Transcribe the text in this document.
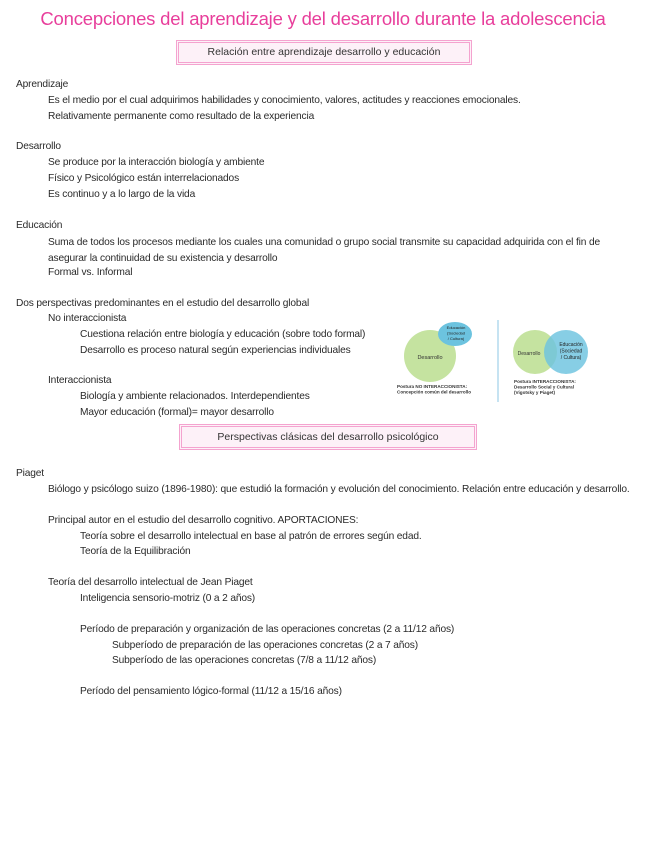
Concepciones del aprendizaje y del desarrollo durante la adolescencia
Relación entre aprendizaje desarrollo y educación
Aprendizaje
Es el medio por el cual adquirimos habilidades y conocimiento, valores, actitudes y reacciones emocionales.
Relativamente permanente como resultado de la experiencia
Desarrollo
Se produce por la interacción biología y ambiente
Físico y Psicológico están interrelacionados
Es continuo y a lo largo de la vida
Educación
Suma de todos los procesos mediante los cuales una comunidad o grupo social transmite su capacidad adquirida con el fin de asegurar la continuidad de su existencia y desarrollo
Formal vs. Informal
Dos perspectivas predominantes en el estudio del desarrollo global
No interaccionista
Cuestiona relación entre biología y educación (sobre todo formal)
Desarrollo es proceso natural según experiencias individuales
Interaccionista
Biología y ambiente relacionados. Interdependientes
Mayor educación (formal)= mayor desarrollo
Desarrollo
Educación
(Sociedad
/ Cultura)
Postura NO INTERACCIONISTA:
Concepción común del desarrollo
Desarrollo
Educación
(Sociedad
/ Cultura)
Postura INTERACCIONISTA:
Desarrollo Social y Cultural
(Vigotsky y Piaget)
Perspectivas clásicas del desarrollo psicológico
Piaget
Biólogo y psicólogo suizo (1896-1980): que estudió la formación y evolución del conocimiento. Relación entre educación y desarrollo.
Principal autor en el estudio del desarrollo cognitivo. APORTACIONES:
Teoría sobre el desarrollo intelectual en base al patrón de errores según edad.
Teoría de la Equilibración
Teoría del desarrollo intelectual de Jean Piaget
Inteligencia sensorio-motriz (0 a 2 años)
Período de preparación y organización de las operaciones concretas (2 a 11/12 años)
Subperíodo de preparación de las operaciones concretas (2 a 7 años)
Subperíodo de las operaciones concretas (7/8 a 11/12 años)
Período del pensamiento lógico-formal (11/12 a 15/16 años)
